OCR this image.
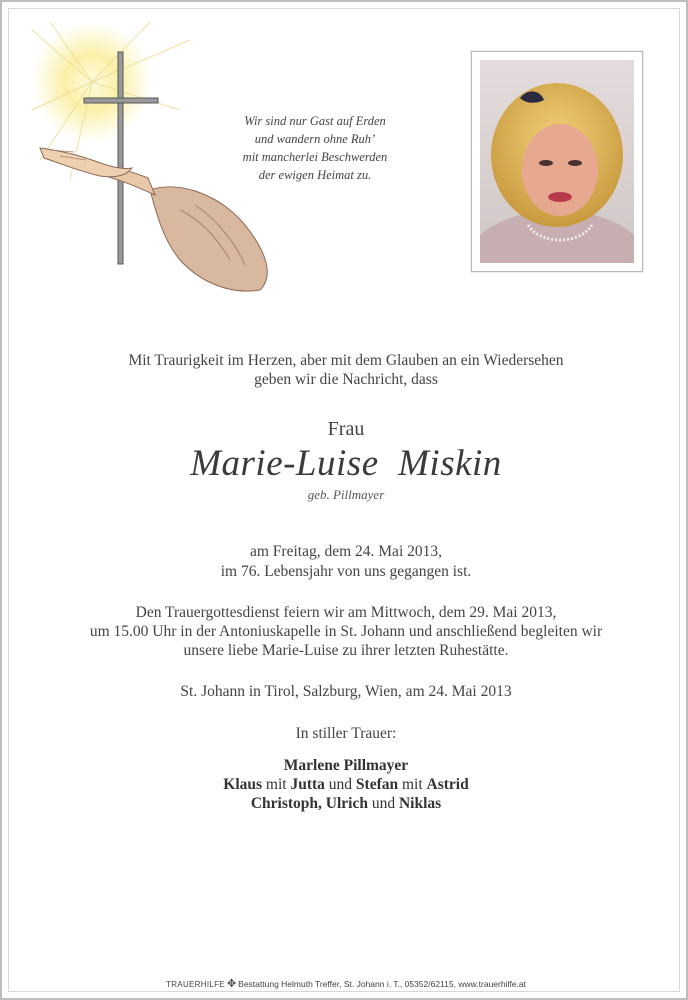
Wir sind nur Gast auf Erden
und wandern ohne Ruh’
mit mancherlei Beschwerden
der ewigen Heimat zu.
Mit Traurigkeit im Herzen, aber mit dem Glauben an ein Wiedersehen
geben wir die Nachricht, dass
Frau
Marie-Luise  Miskin
geb. Pillmayer
am Freitag, dem 24. Mai 2013,
im 76. Lebensjahr von uns gegangen ist.
Den Trauergottesdienst feiern wir am Mittwoch, dem 29. Mai 2013,
um 15.00 Uhr in der Antoniuskapelle in St. Johann und anschließend begleiten wir
unsere liebe Marie-Luise zu ihrer letzten Ruhestätte.
St. Johann in Tirol, Salzburg, Wien, am 24. Mai 2013
In stiller Trauer:
Marlene Pillmayer
Klaus mit Jutta und Stefan mit Astrid
Christoph, Ulrich und Niklas
TRAUERHILFE ✥ Bestattung Helmuth Treffer, St. Johann i. T., 05352/62115, www.trauerhilfe.at
